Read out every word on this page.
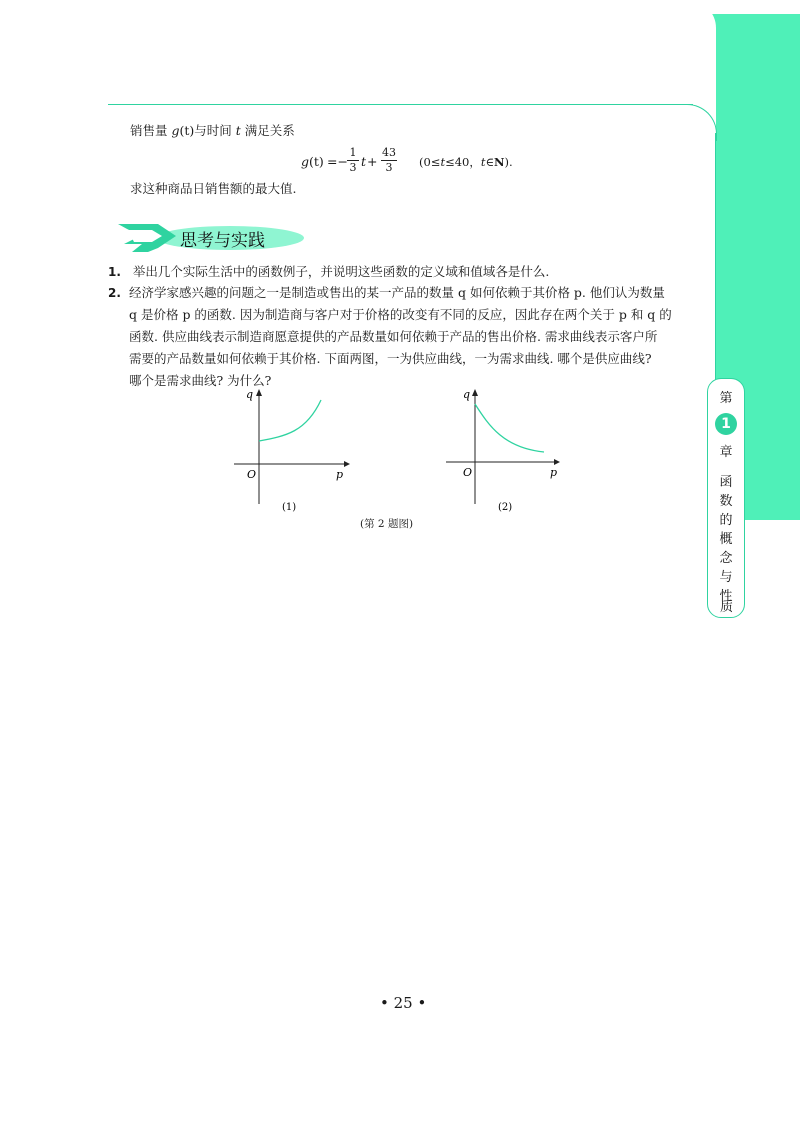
销售量 g(t)与时间 t 满足关系
g (t) =−
1
3 t +
43
3	(0≤t≤40，t∈N).
求这种商品日销售额的最大值.
思考与实践
1. 举出几个实际生活中的函数例子，并说明这些函数的定义域和值域各是什么.
2. 经济学家感兴趣的问题之一是制造或售出的某一产品的数量 q 如何依赖于其价格 p. 他们认为数量
q 是价格 p 的函数. 因为制造商与客户对于价格的改变有不同的反应，因此存在两个关于 p 和 q 的
函数. 供应曲线表示制造商愿意提供的产品数量如何依赖于产品的售出价格. 需求曲线表示客户所
需要的产品数量如何依赖于其价格. 下面两图，一为供应曲线，一为需求曲线. 哪个是供应曲线?
哪个是需求曲线? 为什么?
q
p
O
(1)
q
p
O
(2)
(第 2 题图)
第
1
章
函
数
的
概
念
与
性
质
• 25 •
